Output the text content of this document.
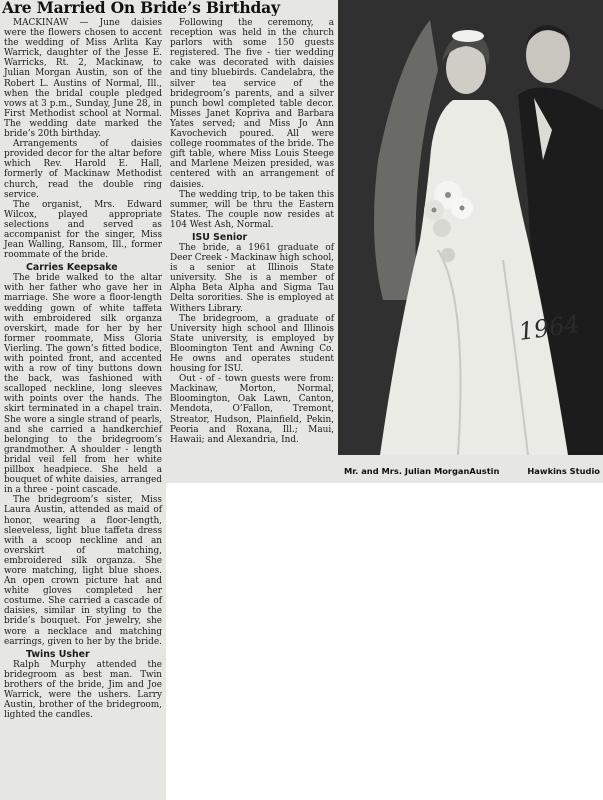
Are Married On Bride’s Birthday

MACKINAW — June daisies were the flowers chosen to accent the wedding of Miss Arlita Kay Warrick, daughter of the Jesse E. Warricks, Rt. 2, Mackinaw, to Julian Morgan Austin, son of the Robert L. Austins of Normal, Ill., when the bridal couple pledged vows at 3 p.m., Sunday, June 28, in First Methodist school at Normal. The wedding date marked the bride’s 20th birthday.

Arrangements of daisies provided decor for the altar before which Rev. Harold E. Hall, formerly of Mackinaw Methodist church, read the double ring service.

The organist, Mrs. Edward Wilcox, played appropriate selections and served as accompanist for the singer, Miss Jean Walling, Ransom, Ill., former roommate of the bride.

Carries Keepsake

The bride walked to the altar with her father who gave her in marriage. She wore a floor-length wedding gown of white taffeta with embroidered silk organza overskirt, made for her by her former roommate, Miss Gloria Vierling. The gown’s fitted bodice, with pointed front, and accented with a row of tiny buttons down the back, was fashioned with scalloped neckline, long sleeves with points over the hands. The skirt terminated in a chapel train. She wore a single strand of pearls, and she carried a handkerchief belonging to the bridegroom’s grandmother. A shoulder - length bridal veil fell from her white pillbox headpiece. She held a bouquet of white daisies, arranged in a three - point cascade.

The bridegroom’s sister, Miss Laura Austin, attended as maid of honor, wearing a floor-length, sleeveless, light blue taffeta dress with a scoop neckline and an overskirt of matching, embroidered silk organza. She wore matching, light blue shoes. An open crown picture hat and white gloves completed her costume. She carried a cascade of daisies, similar in styling to the bride’s bouquet. For jewelry, she wore a necklace and matching earrings, given to her by the bride.

Twins Usher

Ralph Murphy attended the bridegroom as best man. Twin brothers of the bride, Jim and Joe Warrick, were the ushers. Larry Austin, brother of the bridegroom, lighted the candles.

Following the ceremony, a reception was held in the church parlors with some 150 guests registered. The five - tier wedding cake was decorated with daisies and tiny bluebirds. Candelabra, the silver tea service of the bridegroom’s parents, and a silver punch bowl completed table decor. Misses Janet Kopriva and Barbara Yates served; and Miss Jo Ann Kavochevich poured. All were college roommates of the bride. The gift table, where Miss Louis Steege and Marlene Meizen presided, was centered with an arrangement of daisies.

The wedding trip, to be taken this summer, will be thru the Eastern States. The couple now resides at 104 West Ash, Normal.

ISU Senior

The bride, a 1961 graduate of Deer Creek - Mackinaw high school, is a senior at Illinois State university. She is a member of Alpha Beta Alpha and Sigma Tau Delta sororities. She is employed at Withers Library.

The bridegroom, a graduate of University high school and Illinois State university, is employed by Bloomington Tent and Awning Co. He owns and operates student housing for ISU.

Out - of - town guests were from: Mackinaw, Morton, Normal, Bloomington, Oak Lawn, Canton, Mendota, O’Fallon, Tremont, Streator, Hudson, Plainfield, Pekin, Peoria and Roxana, Ill.; Maui, Hawaii; and Alexandria, Ind.

1964
Mr. and Mrs. Julian MorganAustin	Hawkins Studio
